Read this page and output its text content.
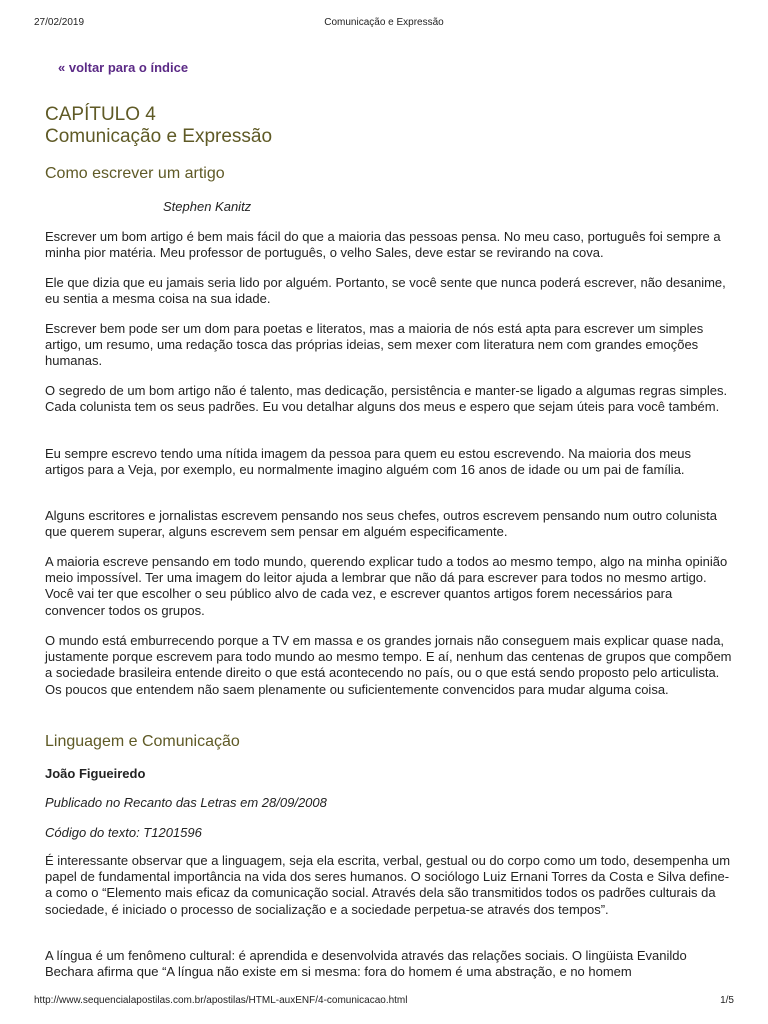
27/02/2019	Comunicação e Expressão
« voltar para o índice
CAPÍTULO 4
Comunicação e Expressão
Como escrever um artigo

Stephen Kanitz

Escrever um bom artigo é bem mais fácil do que a maioria das pessoas pensa. No meu caso, português foi sempre a minha pior matéria. Meu professor de português, o velho Sales, deve estar se revirando na cova.

Ele que dizia que eu jamais seria lido por alguém. Portanto, se você sente que nunca poderá escrever, não desanime, eu sentia a mesma coisa na sua idade.

Escrever bem pode ser um dom para poetas e literatos, mas a maioria de nós está apta para escrever um simples artigo, um resumo, uma redação tosca das próprias ideias, sem mexer com literatura nem com grandes emoções humanas.

O segredo de um bom artigo não é talento, mas dedicação, persistência e manter-se ligado a algumas regras simples. Cada colunista tem os seus padrões. Eu vou detalhar alguns dos meus e espero que sejam úteis para você também.

Eu sempre escrevo tendo uma nítida imagem da pessoa para quem eu estou escrevendo. Na maioria dos meus artigos para a Veja, por exemplo, eu normalmente imagino alguém com 16 anos de idade ou um pai de família.

Alguns escritores e jornalistas escrevem pensando nos seus chefes, outros escrevem pensando num outro colunista que querem superar, alguns escrevem sem pensar em alguém especificamente.

A maioria escreve pensando em todo mundo, querendo explicar tudo a todos ao mesmo tempo, algo na minha opinião meio impossível. Ter uma imagem do leitor ajuda a lembrar que não dá para escrever para todos no mesmo artigo. Você vai ter que escolher o seu público alvo de cada vez, e escrever quantos artigos forem necessários para convencer todos os grupos.

O mundo está emburrecendo porque a TV em massa e os grandes jornais não conseguem mais explicar quase nada, justamente porque escrevem para todo mundo ao mesmo tempo. E aí, nenhum das centenas de grupos que compõem a sociedade brasileira entende direito o que está acontecendo no país, ou o que está sendo proposto pelo articulista. Os poucos que entendem não saem plenamente ou suficientemente convencidos para mudar alguma coisa.

Linguagem e Comunicação

João Figueiredo

Publicado no Recanto das Letras em 28/09/2008

Código do texto: T1201596

É interessante observar que a linguagem, seja ela escrita, verbal, gestual ou do corpo como um todo, desempenha um papel de fundamental importância na vida dos seres humanos. O sociólogo Luiz Ernani Torres da Costa e Silva define-a como o “Elemento mais eficaz da comunicação social. Através dela são transmitidos todos os padrões culturais da sociedade, é iniciado o processo de socialização e a sociedade perpetua-se através dos tempos”.

A língua é um fenômeno cultural: é aprendida e desenvolvida através das relações sociais. O lingüista Evanildo Bechara afirma que “A língua não existe em si mesma: fora do homem é uma abstração, e no homem

http://www.sequencialapostilas.com.br/apostilas/HTML-auxENF/4-comunicacao.html	1/5
